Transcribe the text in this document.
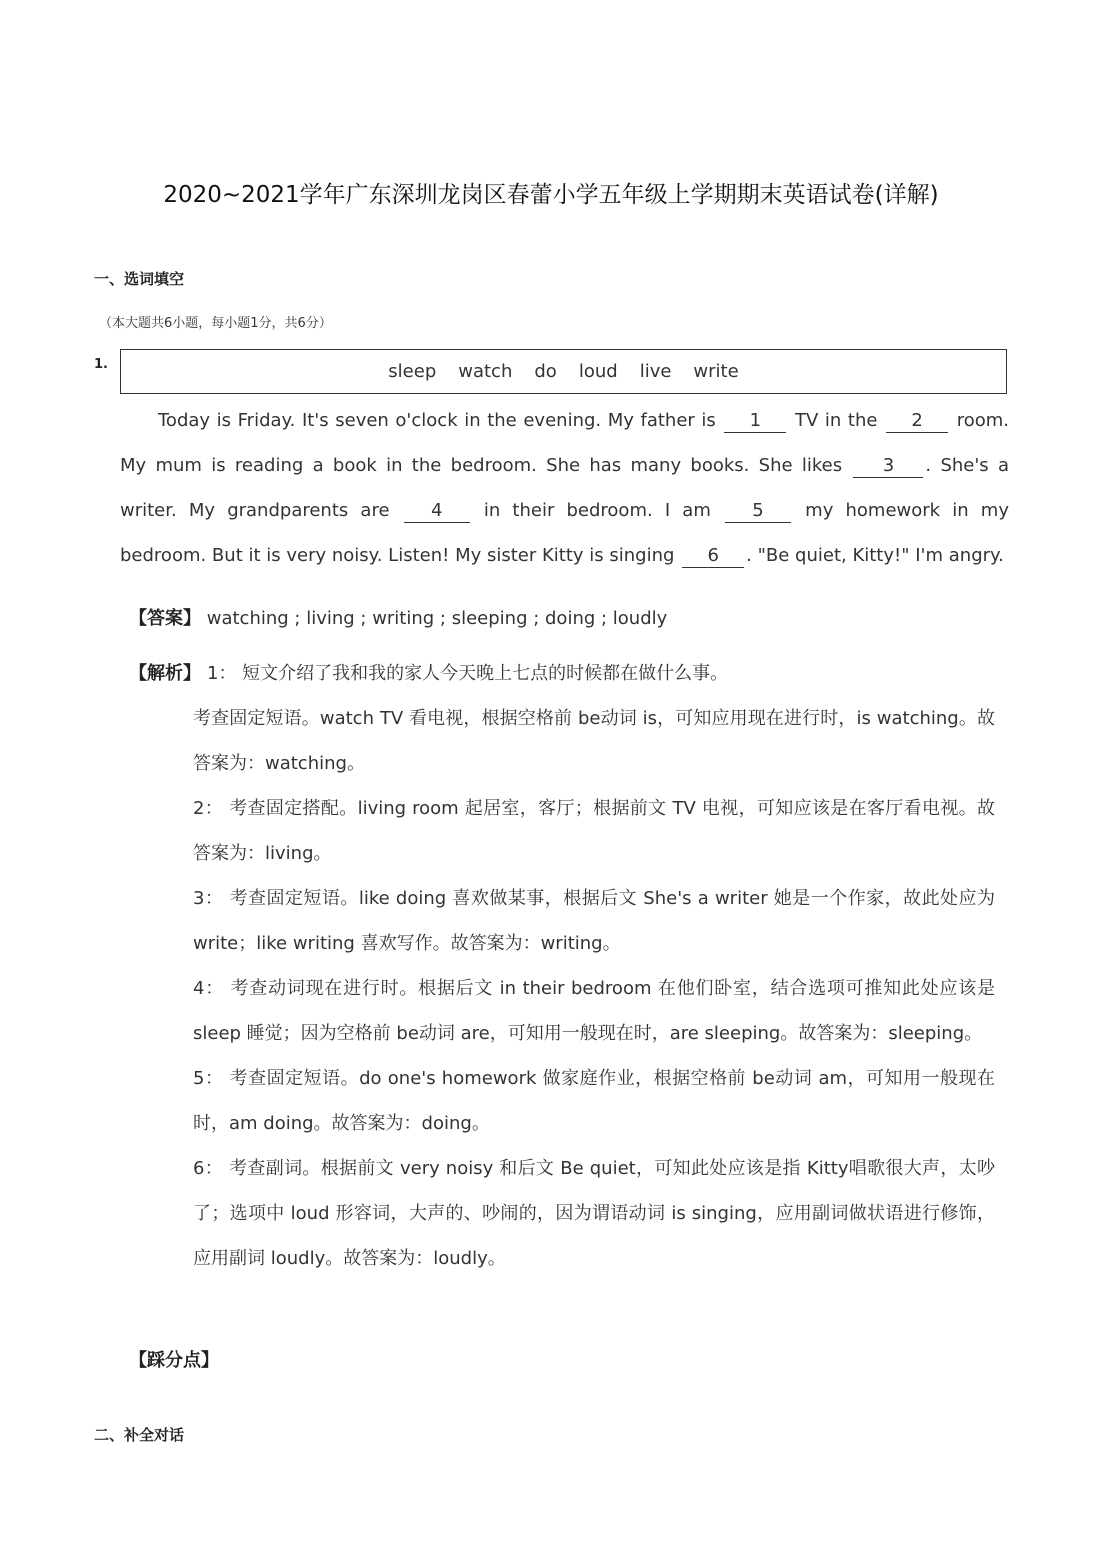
2020~2021学年广东深圳龙岗区春蕾小学五年级上学期期末英语试卷(详解)
一、选词填空
（本大题共6小题，每小题1分，共6分）
1.	sleep watch do loud live write
Today is Friday. It's seven o'clock in the evening. My father is 1 TV in the 2 room. My mum is reading a book in the bedroom. She has many books. She likes 3 . She's a writer. My grandparents are 4 in their bedroom. I am 5 my homework in my bedroom. But it is very noisy. Listen! My sister Kitty is singing 6 . "Be quiet, Kitty!" I'm angry.
【答案】 watching ; living ; writing ; sleeping ; doing ; loudly
【解析】 1： 短文介绍了我和我的家人今天晚上七点的时候都在做什么事。

考查固定短语。watch TV 看电视，根据空格前 be动词 is，可知应用现在进行时，is watching。故答案为：watching。

2： 考查固定搭配。living room 起居室，客厅；根据前文 TV 电视，可知应该是在客厅看电视。故答案为：living。

3： 考查固定短语。like doing 喜欢做某事，根据后文 She's a writer 她是一个作家，故此处应为 write；like writing 喜欢写作。故答案为：writing。

4： 考查动词现在进行时。根据后文 in their bedroom 在他们卧室，结合选项可推知此处应该是 sleep 睡觉；因为空格前 be动词 are，可知用一般现在时，are sleeping。故答案为：sleeping。

5： 考查固定短语。do one's homework 做家庭作业，根据空格前 be动词 am，可知用一般现在时，am doing。故答案为：doing。

6： 考查副词。根据前文 very noisy 和后文 Be quiet，可知此处应该是指 Kitty唱歌很大声，太吵了；选项中 loud 形容词，大声的、吵闹的，因为谓语动词 is singing，应用副词做状语进行修饰，应用副词 loudly。故答案为：loudly。

【踩分点】
二、补全对话
